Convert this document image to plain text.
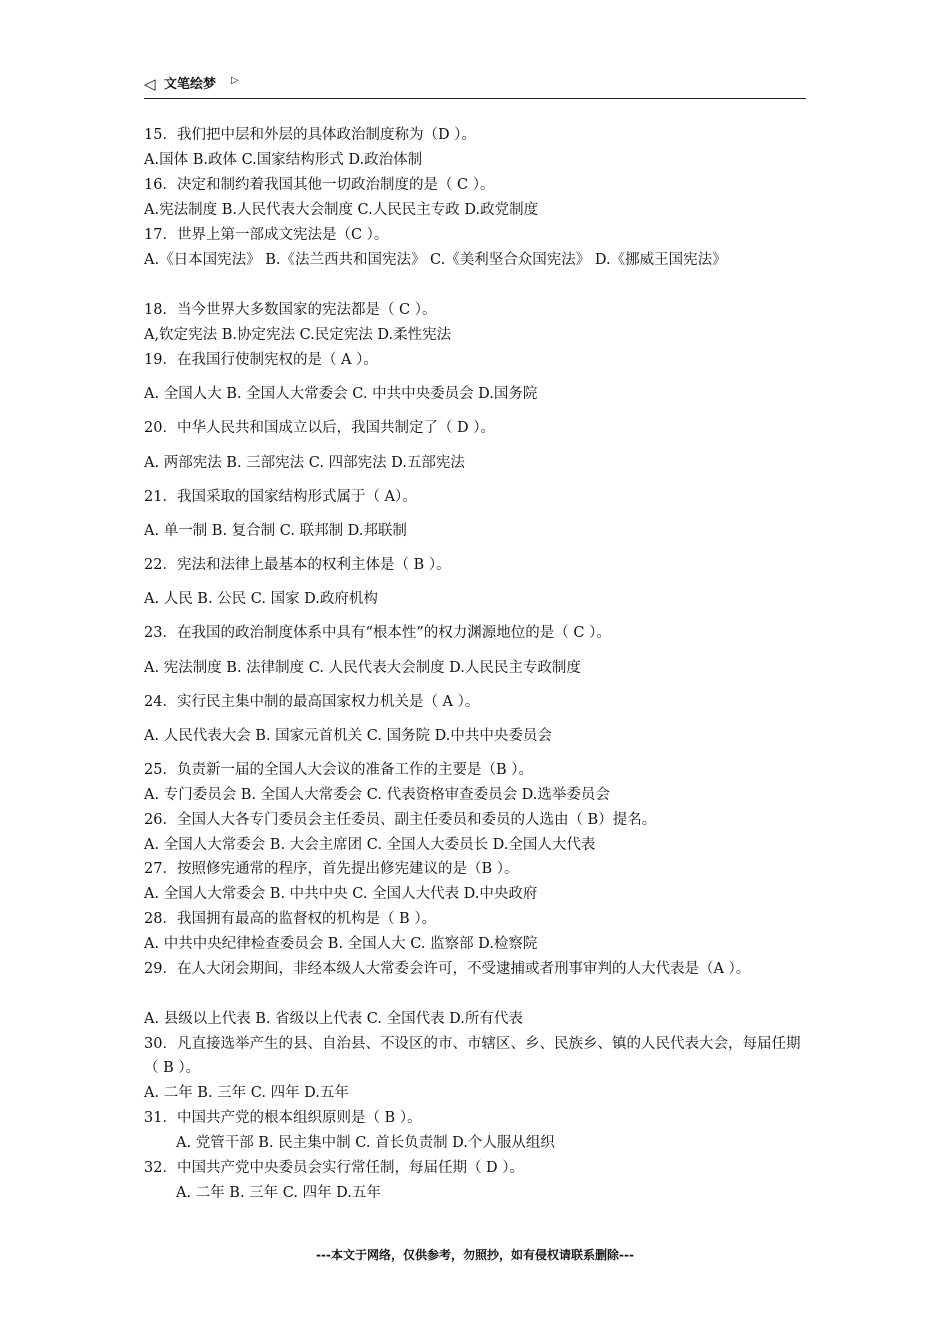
◁ 文笔绘梦 ▷
15．我们把中层和外层的具体政治制度称为（D ）。
A.国体 B.政体 C.国家结构形式 D.政治体制
16．决定和制约着我国其他一切政治制度的是（ C ）。
A.宪法制度 B.人民代表大会制度 C.人民民主专政 D.政党制度
17．世界上第一部成文宪法是（C ）。
A.《日本国宪法》 B.《法兰西共和国宪法》 C.《美利坚合众国宪法》 D.《挪威王国宪法》
18．当今世界大多数国家的宪法都是（ C ）。
A,钦定宪法 B.协定宪法 C.民定宪法 D.柔性宪法
19．在我国行使制宪权的是（ A ）。
A. 全国人大 B. 全国人大常委会 C. 中共中央委员会 D.国务院
20．中华人民共和国成立以后，我国共制定了（ D ）。
A. 两部宪法 B. 三部宪法 C. 四部宪法 D.五部宪法
21．我国采取的国家结构形式属于（ A）。
A. 单一制 B. 复合制 C. 联邦制 D.邦联制
22．宪法和法律上最基本的权利主体是（ B ）。
A. 人民 B. 公民 C. 国家 D.政府机构
23．在我国的政治制度体系中具有“根本性”的权力渊源地位的是（ C ）。
A. 宪法制度 B. 法律制度 C. 人民代表大会制度 D.人民民主专政制度
24．实行民主集中制的最高国家权力机关是（ A ）。
A. 人民代表大会 B. 国家元首机关 C. 国务院 D.中共中央委员会
25．负责新一届的全国人大会议的准备工作的主要是（B ）。
A. 专门委员会 B. 全国人大常委会 C. 代表资格审查委员会 D.选举委员会
26．全国人大各专门委员会主任委员、副主任委员和委员的人选由（ B）提名。
A. 全国人大常委会 B. 大会主席团 C. 全国人大委员长 D.全国人大代表
27．按照修宪通常的程序，首先提出修宪建议的是（B ）。
A. 全国人大常委会 B. 中共中央 C. 全国人大代表 D.中央政府
28．我国拥有最高的监督权的机构是（ B ）。
A. 中共中央纪律检查委员会 B. 全国人大 C. 监察部 D.检察院
29．在人大闭会期间，非经本级人大常委会许可，不受逮捕或者刑事审判的人大代表是（A ）。
A. 县级以上代表 B. 省级以上代表 C. 全国代表 D.所有代表
30．凡直接选举产生的县、自治县、不设区的市、市辖区、乡、民族乡、镇的人民代表大会，每届任期（ B ）。
A. 二年 B. 三年 C. 四年 D.五年
31．中国共产党的根本组织原则是（ B ）。
A. 党管干部 B. 民主集中制 C. 首长负责制 D.个人服从组织
32．中国共产党中央委员会实行常任制，每届任期（ D ）。
A. 二年 B. 三年 C. 四年 D.五年
---本文于网络，仅供参考，勿照抄，如有侵权请联系删除---
